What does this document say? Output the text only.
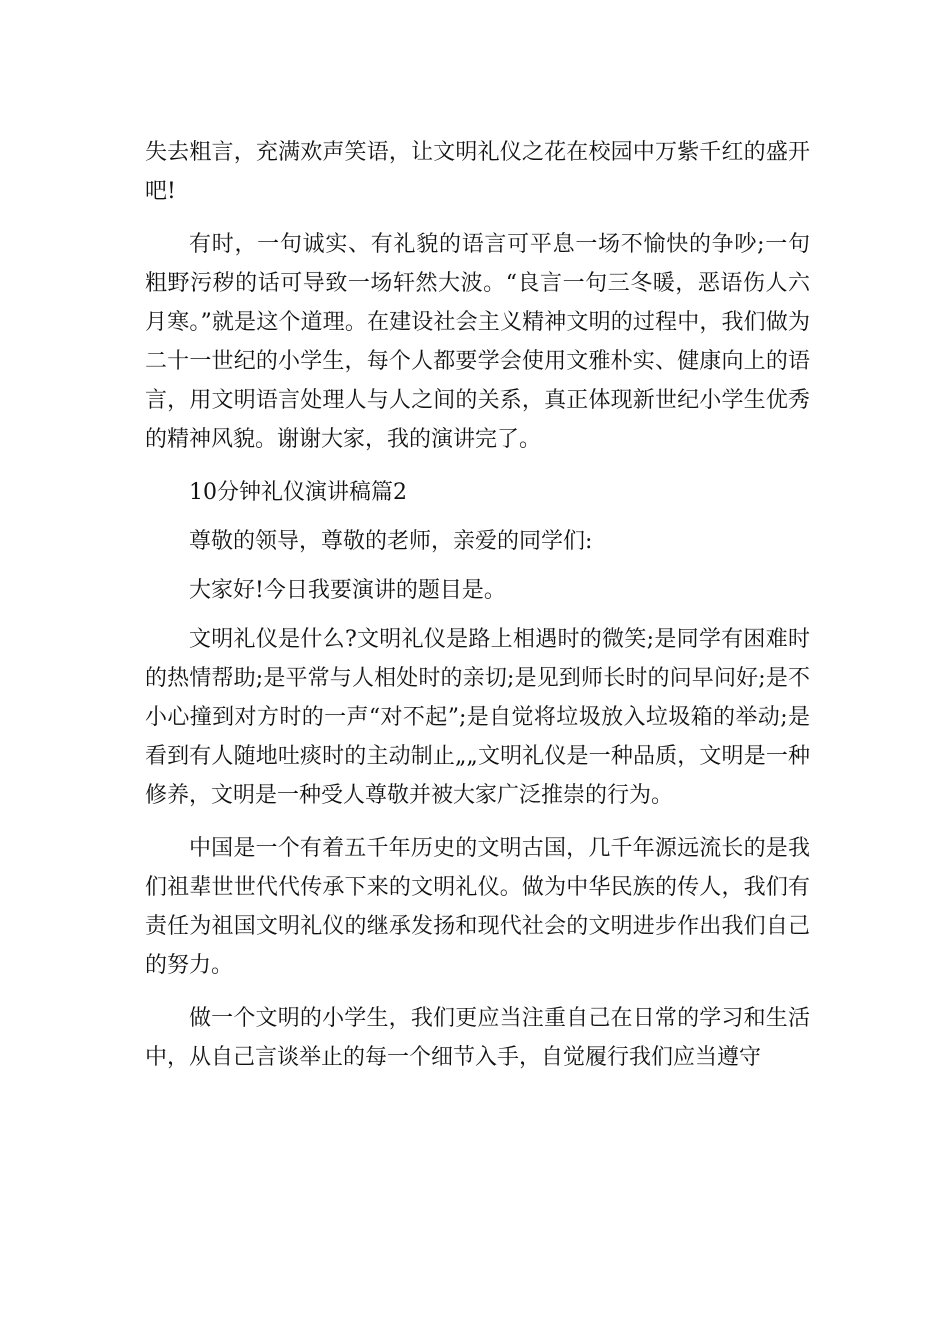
失去粗言，充满欢声笑语，让文明礼仪之花在校园中万紫千红的盛开吧!

有时，一句诚实、有礼貌的语言可平息一场不愉快的争吵;一句粗野污秽的话可导致一场轩然大波。“良言一句三冬暖，恶语伤人六月寒。”就是这个道理。在建设社会主义精神文明的过程中，我们做为二十一世纪的小学生，每个人都要学会使用文雅朴实、健康向上的语言，用文明语言处理人与人之间的关系，真正体现新世纪小学生优秀的精神风貌。谢谢大家，我的演讲完了。

10分钟礼仪演讲稿篇2

尊敬的领导，尊敬的老师，亲爱的同学们:

大家好!今日我要演讲的题目是。

文明礼仪是什么?文明礼仪是路上相遇时的微笑;是同学有困难时的热情帮助;是平常与人相处时的亲切;是见到师长时的问早问好;是不小心撞到对方时的一声“对不起”;是自觉将垃圾放入垃圾箱的举动;是看到有人随地吐痰时的主动制止„„文明礼仪是一种品质，文明是一种修养，文明是一种受人尊敬并被大家广泛推崇的行为。

中国是一个有着五千年历史的文明古国，几千年源远流长的是我们祖辈世世代代传承下来的文明礼仪。做为中华民族的传人，我们有责任为祖国文明礼仪的继承发扬和现代社会的文明进步作出我们自己的努力。

做一个文明的小学生，我们更应当注重自己在日常的学习和生活中，从自己言谈举止的每一个细节入手，自觉履行我们应当遵守
